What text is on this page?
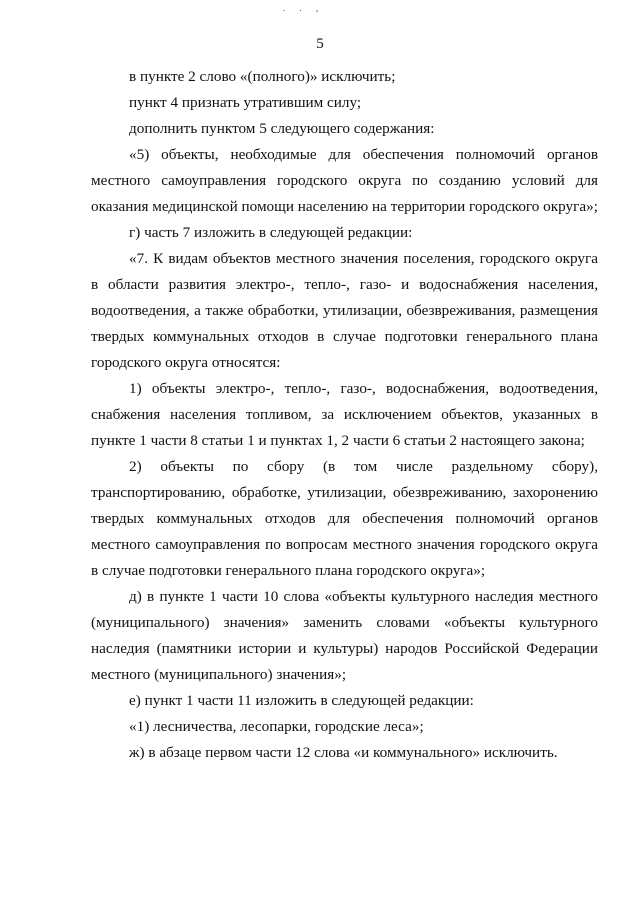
. . ,
5

в пункте 2 слово «(полного)» исключить;

пункт 4 признать утратившим силу;

дополнить пунктом 5 следующего содержания:

«5) объекты, необходимые для обеспечения полномочий органов местного самоуправления городского округа по созданию условий для оказания медицинской помощи населению на территории городского округа»;

г) часть 7 изложить в следующей редакции:

«7. К видам объектов местного значения поселения, городского округа в области развития электро-, тепло-, газо- и водоснабжения населения, водоотведения, а также обработки, утилизации, обезвреживания, размещения твердых коммунальных отходов в случае подготовки генерального плана городского округа относятся:

1) объекты электро-, тепло-, газо-, водоснабжения, водоотведения, снабжения населения топливом, за исключением объектов, указанных в пункте 1 части 8 статьи 1 и пунктах 1, 2 части 6 статьи 2 настоящего закона;

2) объекты по сбору (в том числе раздельному сбору), транспортированию, обработке, утилизации, обезвреживанию, захоронению твердых коммунальных отходов для обеспечения полномочий органов местного самоуправления по вопросам местного значения городского округа в случае подготовки генерального плана городского округа»;

д) в пункте 1 части 10 слова «объекты культурного наследия местного (муниципального) значения» заменить словами «объекты культурного наследия (памятники истории и культуры) народов Российской Федерации местного (муниципального) значения»;

е) пункт 1 части 11 изложить в следующей редакции:

«1) лесничества, лесопарки, городские леса»;

ж) в абзаце первом части 12 слова «и коммунального» исключить.
